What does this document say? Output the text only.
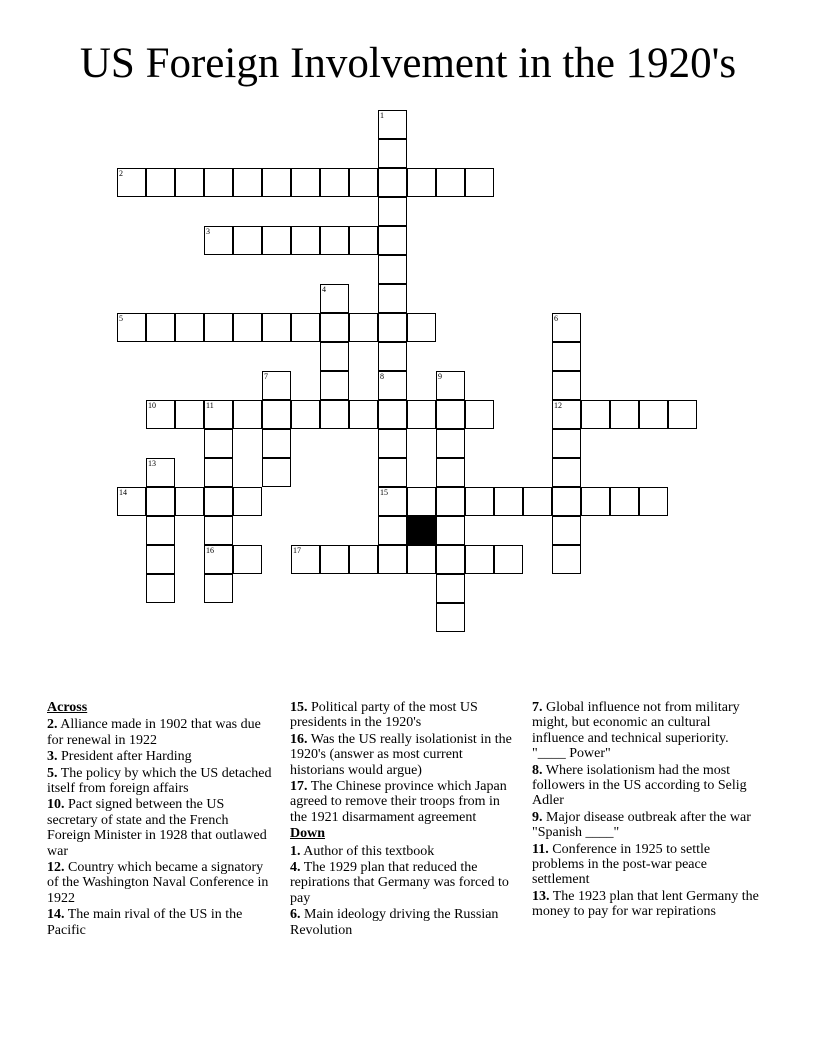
US Foreign Involvement in the 1920's
1
2
3
4
5	6
7	8	9
10	11	12
13
14	15
17
16
Across
2. Alliance made in 1902 that was due for renewal in 1922
3. President after Harding
5. The policy by which the US detached itself from foreign affairs
10. Pact signed between the US secretary of state and the French Foreign Minister in 1928 that outlawed war
12. Country which became a signatory of the Washington Naval Conference in 1922
14. The main rival of the US in the Pacific
15. Political party of the most US presidents in the 1920's
16. Was the US really isolationist in the 1920's (answer as most current historians would argue)
17. The Chinese province which Japan agreed to remove their troops from in the 1921 disarmament agreement
Down
1. Author of this textbook
4. The 1929 plan that reduced the repirations that Germany was forced to pay
6. Main ideology driving the Russian Revolution
7. Global influence not from military might, but economic an cultural influence and technical superiority. "____ Power"
8. Where isolationism had the most followers in the US according to Selig Adler
9. Major disease outbreak after the war "Spanish ____"
11. Conference in 1925 to settle problems in the post-war peace settlement
13. The 1923 plan that lent Germany the money to pay for war repirations
